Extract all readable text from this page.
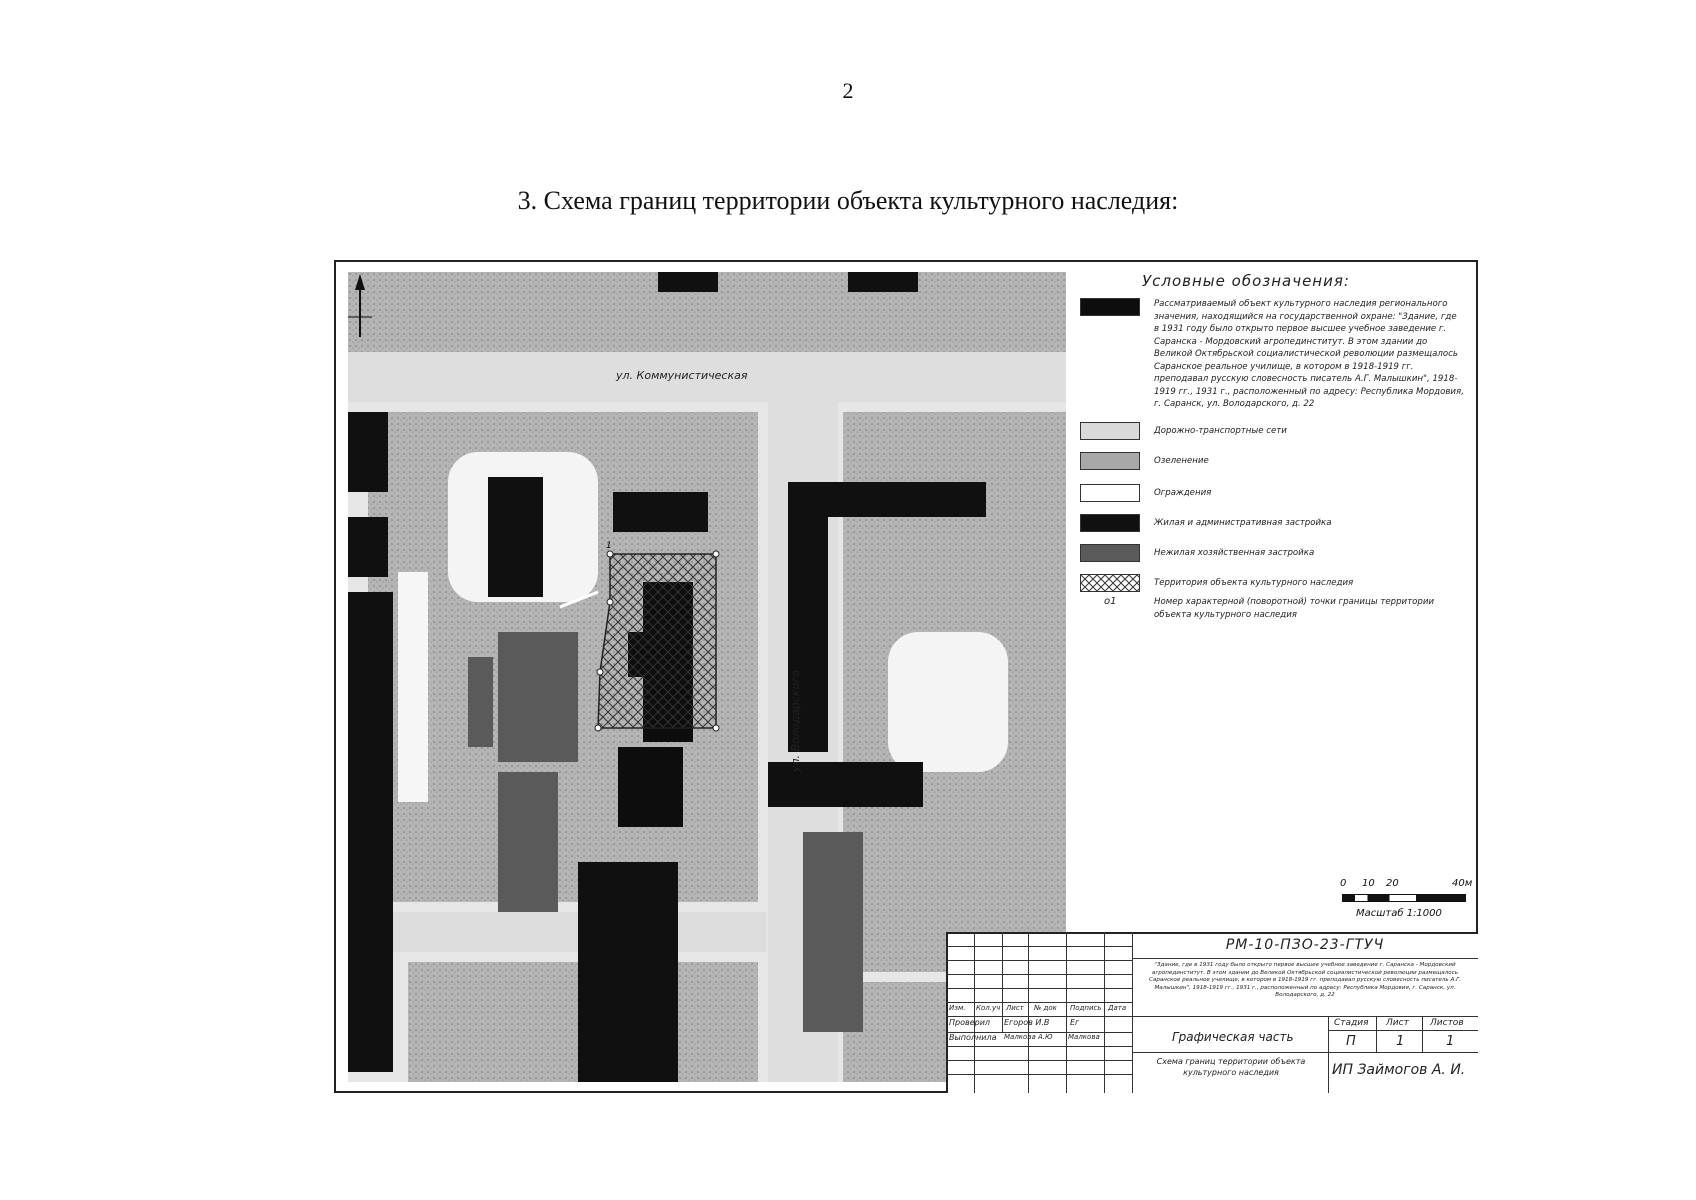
2
3. Схема границ территории объекта культурного наследия:
1
ул. Коммунистическая
ул. Володарского
Условные обозначения:
Рассматриваемый объект культурного наследия регионального значения, находящийся на государственной охране: "Здание, где в 1931 году было открыто первое высшее учебное заведение г. Саранска - Мордовский агропединститут. В этом здании до Великой Октябрьской социалистической революции размещалось Саранское реальное училище, в котором в 1918-1919 гг. преподавал русскую словесность писатель А.Г. Малышкин", 1918-1919 гг., 1931 г., расположенный по адресу: Республика Мордовия, г. Саранск, ул. Володарского, д. 22
Дорожно-транспортные сети
Озеленение
Ограждения
Жилая и административная застройка
Нежилая хозяйственная застройка
Территория объекта культурного наследия
о1	Номер характерной (поворотной) точки границы территории объекта культурного наследия
0 10 20	40м
Масштаб 1:1000
Изм. Кол.уч Лист № док Подпись Дата
Проверил Егоров И.В	Ег
Выполнила Малкова А.Ю Малкова
РМ-10-ПЗО-23-ГТУЧ
"Здание, где в 1931 году было открыто первое высшее учебное заведение г. Саранска - Мордовский агропединститут. В этом здании до Великой Октябрьской социалистической революции размещалось Саранское реальное училище, в котором в 1918-1919 гг. преподавал русскую словесность писатель А.Г. Малышкин", 1918-1919 гг., 1931 г., расположенный по адресу: Республика Мордовия, г. Саранск, ул. Володарского, д. 22
Графическая часть
Стадия Лист Листов
П	1	1
Схема границ территории объекта культурного наследия	ИП Займогов А. И.
